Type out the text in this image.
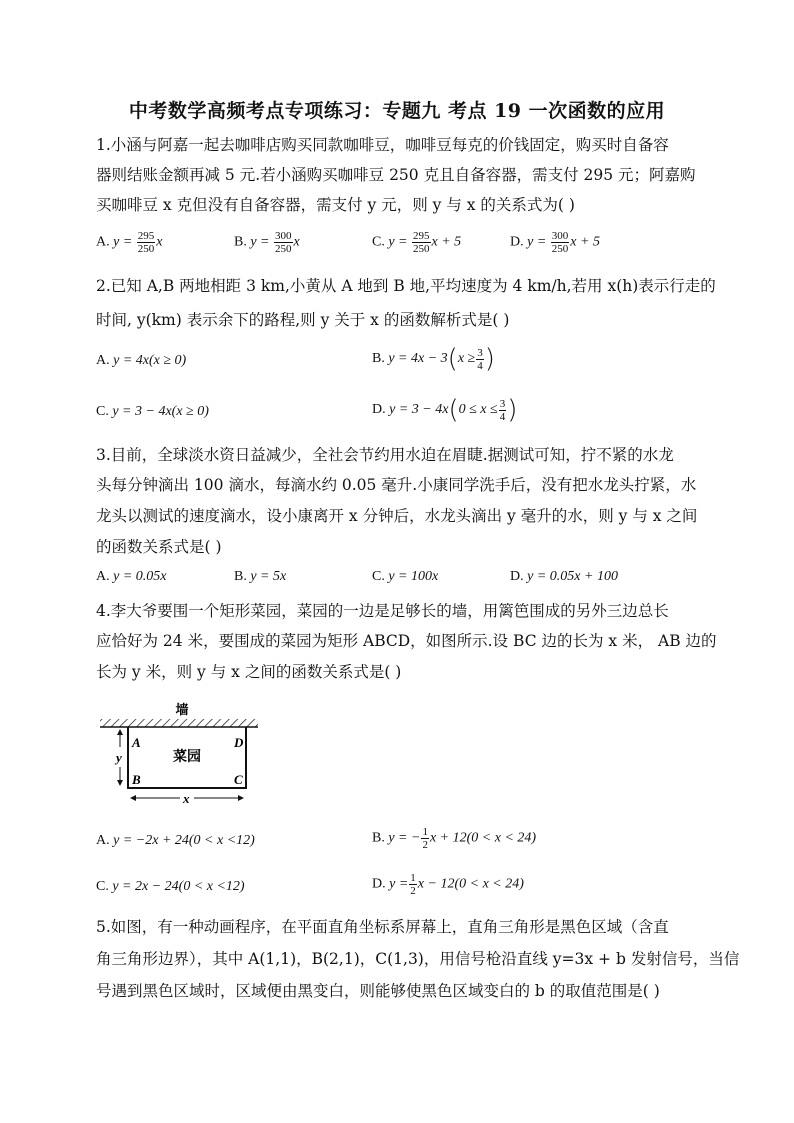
中考数学高频考点专项练习：专题九 考点 19 一次函数的应用
1.小涵与阿嘉一起去咖啡店购买同款咖啡豆，咖啡豆每克的价钱固定，购买时自备容
器则结账金额再减 5 元.若小涵购买咖啡豆 250 克且自备容器，需支付 295 元；阿嘉购
买咖啡豆 x 克但没有自备容器，需支付 y 元，则 y 与 x 的关系式为( )
A. $y = \frac{295}{250}$ x	B. $y = \frac{300}{250}$ x	C. $y = \frac{295}{250}$ x + 5	D. $y = \frac{300}{250}$ x + 5
2.已知 A,B 两地相距 3 km,小黄从 A 地到 B 地,平均速度为 4 km/h,若用 x(h)表示行走的
时间, y(km) 表示余下的路程,则 y 关于 x 的函数解析式是( )
A. y = 4x(x ≥ 0)	B. $y = 4x - 3(x \ge \frac{3}{4}$ )
C. y = 3 − 4x(x ≥ 0)	D. $y = 3 - 4x(0 \le x \le \frac{3}{4}$ )
3.目前，全球淡水资日益减少，全社会节约用水迫在眉睫.据测试可知，拧不紧的水龙
头每分钟滴出 100 滴水，每滴水约 0.05 毫升.小康同学洗手后，没有把水龙头拧紧，水
龙头以测试的速度滴水，设小康离开 x 分钟后，水龙头滴出 y 毫升的水，则 y 与 x 之间
的函数关系式是( )
A. y = 0.05x	B. y = 5x	C. y = 100x	D. y = 0.05x + 100
4.李大爷要围一个矩形菜园，菜园的一边是足够长的墙，用篱笆围成的另外三边总长
应恰好为 24 米，要围成的菜园为矩形 ABCD，如图所示.设 BC 边的长为 x 米， AB 边的
长为 y 米，则 y 与 x 之间的函数关系式是( )
墙
A	D
B	C
菜园
y
x
A. y = −2x + 24(0 < x <12)	B. y = − $\frac{1}{2}$ x + 12(0 < x < 24)
C. y = 2x − 24(0 < x <12)	D. $y = \frac{1}{2}$ x − 12(0 < x < 24)
5.如图，有一种动画程序，在平面直角坐标系屏幕上，直角三角形是黑色区域（含直
角三角形边界），其中 A(1,1)，B(2,1)，C(1,3)，用信号枪沿直线 y=3x + b 发射信号，当信
号遇到黑色区域时，区域便由黑变白，则能够使黑色区域变白的 b 的取值范围是( )
